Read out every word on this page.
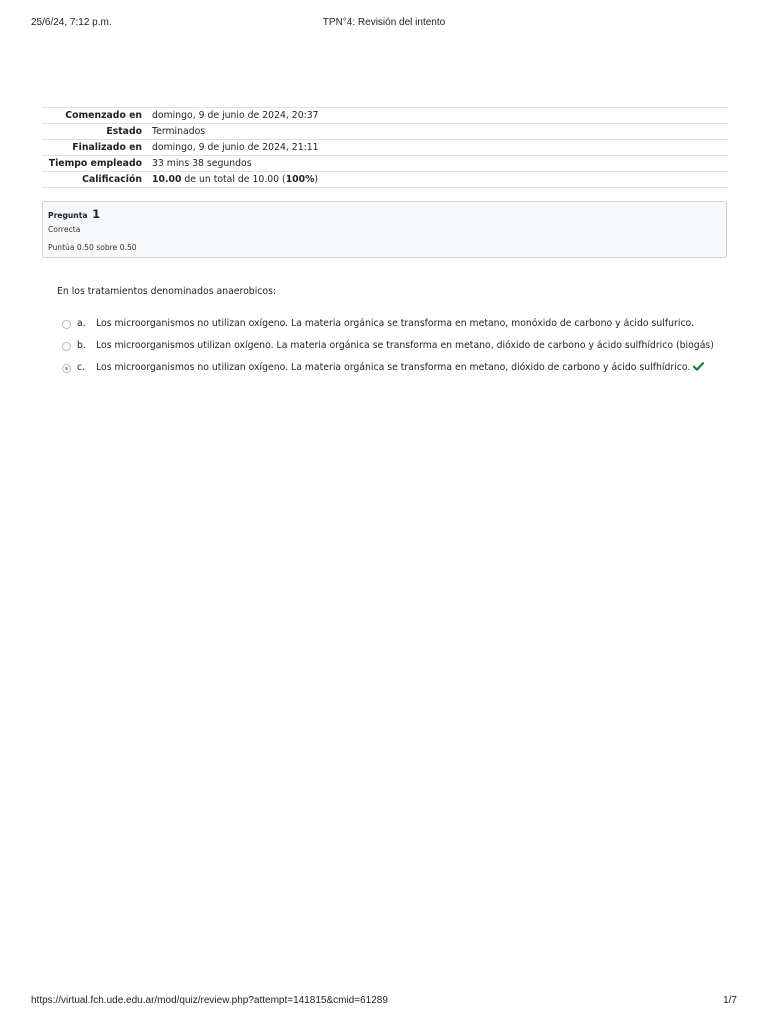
25/6/24, 7:12 p.m.	TPN°4: Revisión del intento
Comenzado en	domingo, 9 de junio de 2024, 20:37
Estado	Terminados
Finalizado en	domingo, 9 de junio de 2024, 21:11
Tiempo empleado	33 mins 38 segundos
Calificación	10.00 de un total de 10.00 (100%)
Pregunta 1
Correcta
Puntúa 0.50 sobre 0.50
En los tratamientos denominados anaerobicos:
a. Los microorganismos no utilizan oxígeno. La materia orgánica se transforma en metano, monóxido de carbono y ácido sulfurico.
b. Los microorganismos utilizan oxígeno. La materia orgánica se transforma en metano, dióxido de carbono y ácido sulfhídrico (biogás)
c. Los microorganismos no utilizan oxígeno. La materia orgánica se transforma en metano, dióxido de carbono y ácido sulfhídrico.
https://virtual.fch.ude.edu.ar/mod/quiz/review.php?attempt=141815&cmid=61289	1/7
